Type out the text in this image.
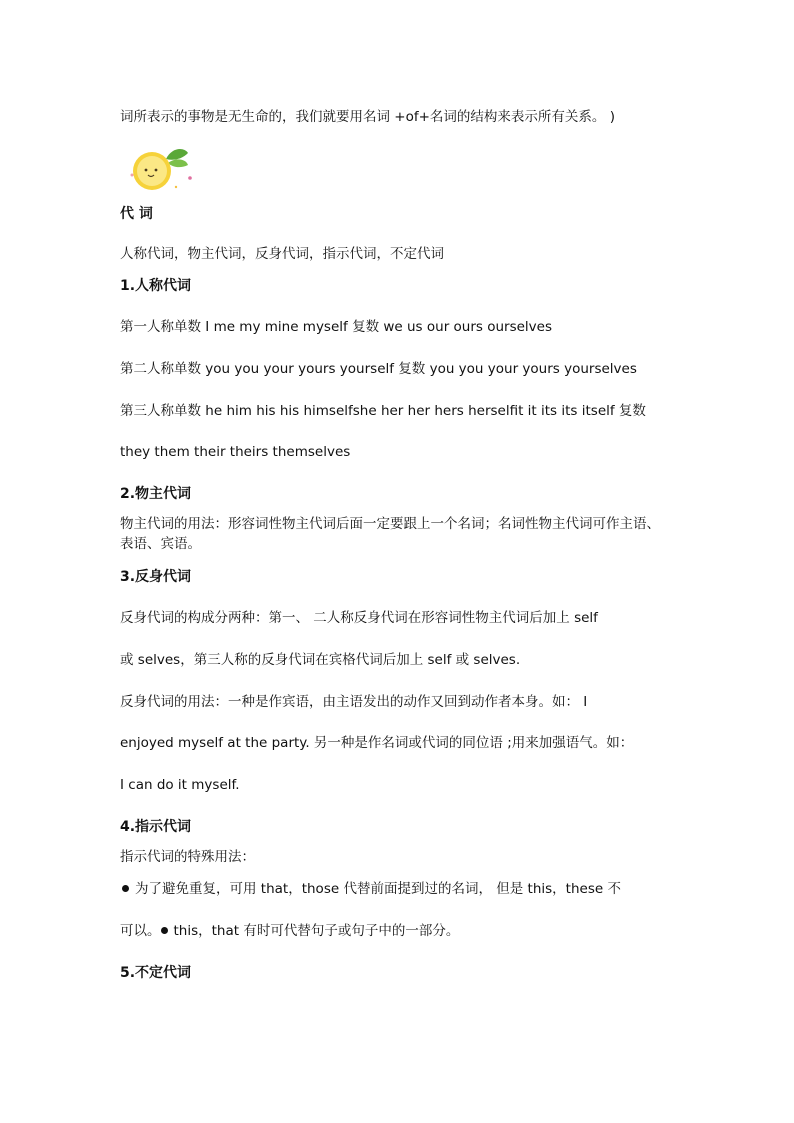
词所表示的事物是无生命的，我们就要用名词 +of+名词的结构来表示所有关系。 )
代 词
人称代词，物主代词，反身代词，指示代词，不定代词
1.人称代词
第一人称单数 I me my mine myself 复数 we us our ours ourselves
第二人称单数 you you your yours yourself 复数 you you your yours yourselves
第三人称单数 he him his his himselfshe her her hers herselfit it its its itself 复数
they them their theirs themselves
2.物主代词
物主代词的用法：形容词性物主代词后面一定要跟上一个名词；名词性物主代词可作主语、表语、宾语。
3.反身代词
反身代词的构成分两种：第一、 二人称反身代词在形容词性物主代词后加上 self
或 selves，第三人称的反身代词在宾格代词后加上 self 或 selves.
反身代词的用法：一种是作宾语，由主语发出的动作又回到动作者本身。如： I
enjoyed myself at the party. 另一种是作名词或代词的同位语 ;用来加强语气。如：
I can do it myself.
4.指示代词
指示代词的特殊用法：
为了避免重复，可用 that，those 代替前面提到过的名词， 但是 this，these 不
可以。 this，that 有时可代替句子或句子中的一部分。
5.不定代词
